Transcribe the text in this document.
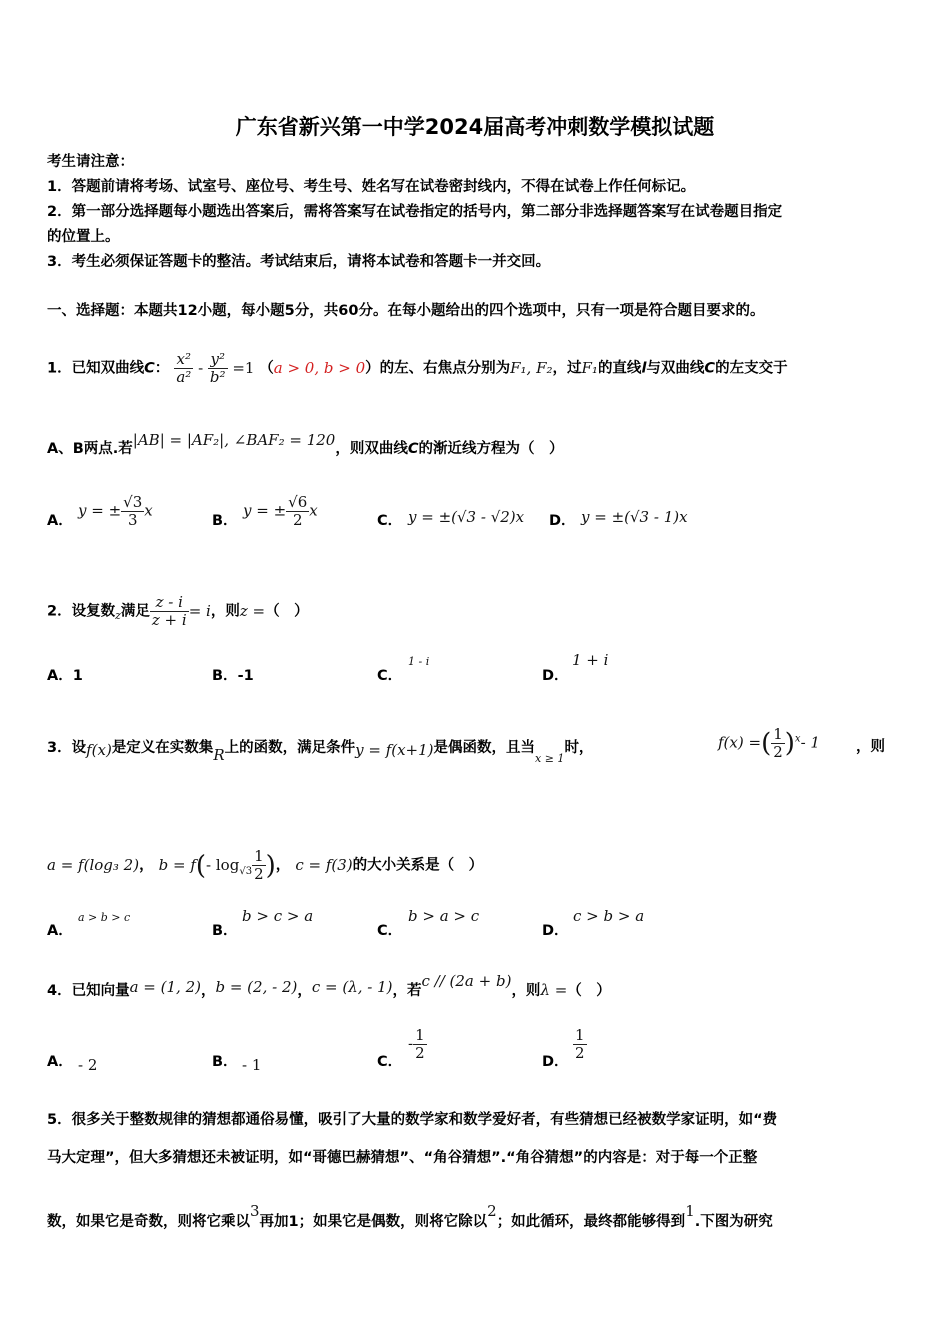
广东省新兴第一中学2024届高考冲刺数学模拟试题
考生请注意：
1．答题前请将考场、试室号、座位号、考生号、姓名写在试卷密封线内，不得在试卷上作任何标记。
2．第一部分选择题每小题选出答案后，需将答案写在试卷指定的括号内，第二部分非选择题答案写在试卷题目指定
的位置上。
3．考生必须保证答题卡的整洁。考试结束后，请将本试卷和答题卡一并交回。
一、选择题：本题共12小题，每小题5分，共60分。在每小题给出的四个选项中，只有一项是符合题目要求的。
1．已知双曲线C： $\frac{\text{x²}}{\text{a²}} - \frac{\text{y²}}{\text{b²}} =1$ （a > 0, b > 0）的左、右焦点分别为F₁, F₂，过F₁的直线l与双曲线C的左支交于
A、B两点.若|AB| = |AF₂|, ∠BAF₂ = 120，则双曲线C的渐近线方程为（　）
A．
y = ± $\frac{√3}{3}$ x
B．
y = ± $\frac{√6}{2}$ x
C． y = ±(√3 - √2)x D． y = ±(√3 - 1)x
2．设复数$_z$满足 $\frac{z - i}{z + i} = i$，则z =（　）
A．1	B．-1	C．
1 - i
D．
1 + i
3．设f(x)是定义在实数集R上的函数，满足条件y = f(x+1)是偶函数，且当$_{x \ge 1}$时，	f(x) =( $\frac{1}{2} )^x-$ 1 ，则
a = f(log₃ 2)， b = f(- $\log_{√3} \frac{1}{2}$ )， c = f(3)的大小关系是（　）
A．
a > b > c
B．
b > c > a
C．
b > a > c
D．
c > b > a
4．已知向量a = (1, 2)，b = (2, - 2)，c = (λ, - 1)，若c // (2a + b)，则λ =（　）
A． - 2	B． - 1	C．
- $\frac{1}{2}$	D． $\frac{1}{2}$
5．很多关于整数规律的猜想都通俗易懂，吸引了大量的数学家和数学爱好者，有些猜想已经被数学家证明，如“费
马大定理”，但大多猜想还未被证明，如“哥德巴赫猜想”、“角谷猜想”.“角谷猜想”的内容是：对于每一个正整
数，如果它是奇数，则将它乘以3再加1；如果它是偶数，则将它除以2；如此循环，最终都能够得到1.下图为研究
